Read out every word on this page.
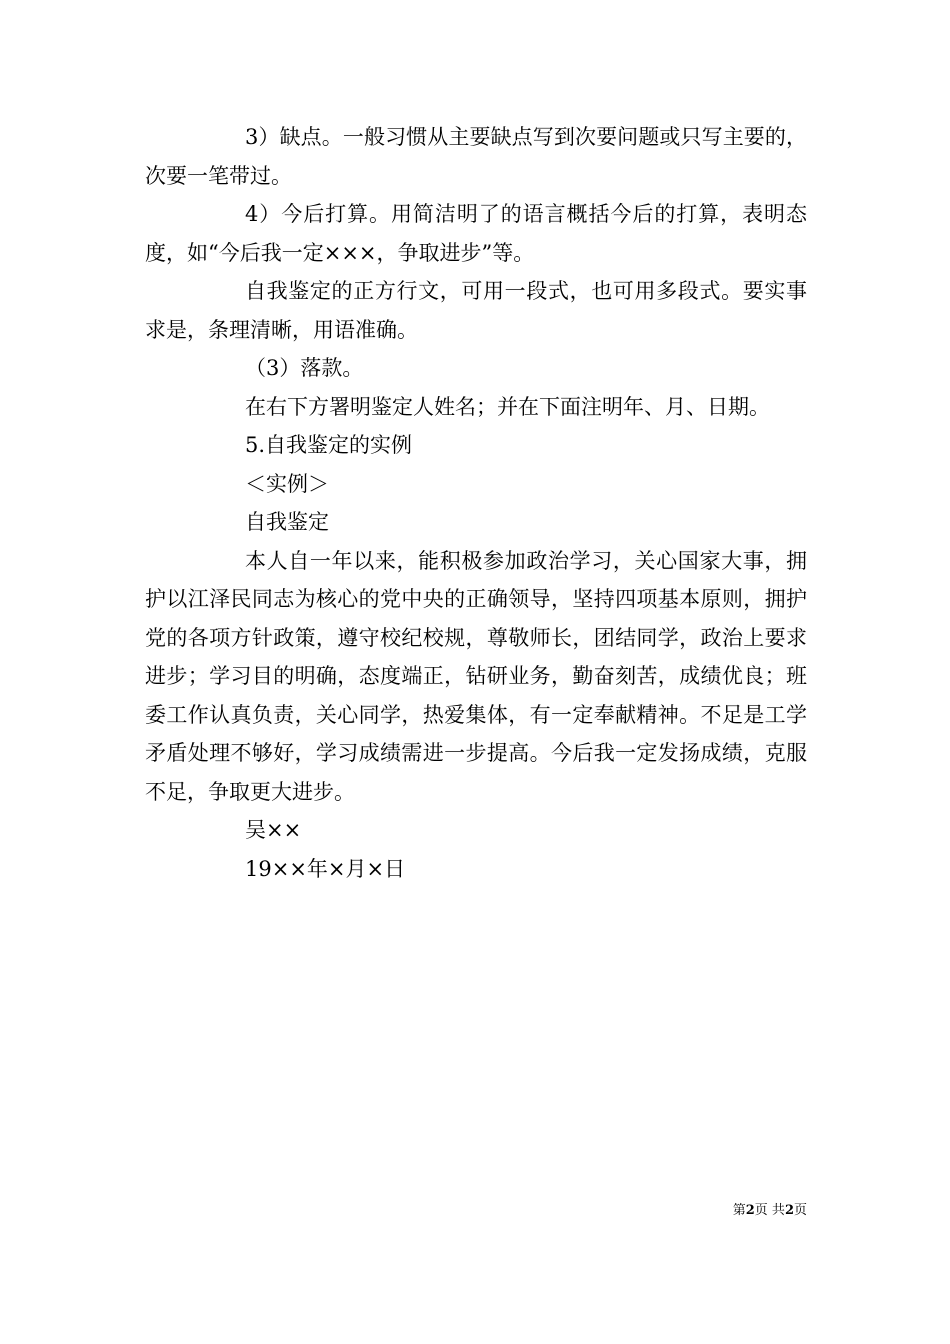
3）缺点。一般习惯从主要缺点写到次要问题或只写主要的，次要一笔带过。

4）今后打算。用简洁明了的语言概括今后的打算，表明态度，如“今后我一定×××，争取进步”等。

自我鉴定的正方行文，可用一段式，也可用多段式。要实事求是，条理清晰，用语准确。

（3）落款。

在右下方署明鉴定人姓名；并在下面注明年、月、日期。

5.自我鉴定的实例

＜实例＞

自我鉴定

本人自一年以来，能积极参加政治学习，关心国家大事，拥护以江泽民同志为核心的党中央的正确领导，坚持四项基本原则，拥护党的各项方针政策，遵守校纪校规，尊敬师长，团结同学，政治上要求进步；学习目的明确，态度端正，钻研业务，勤奋刻苦，成绩优良；班委工作认真负责，关心同学，热爱集体，有一定奉献精神。不足是工学矛盾处理不够好，学习成绩需进一步提高。今后我一定发扬成绩，克服不足，争取更大进步。

吴××

19××年×月×日

第2页 共2页
